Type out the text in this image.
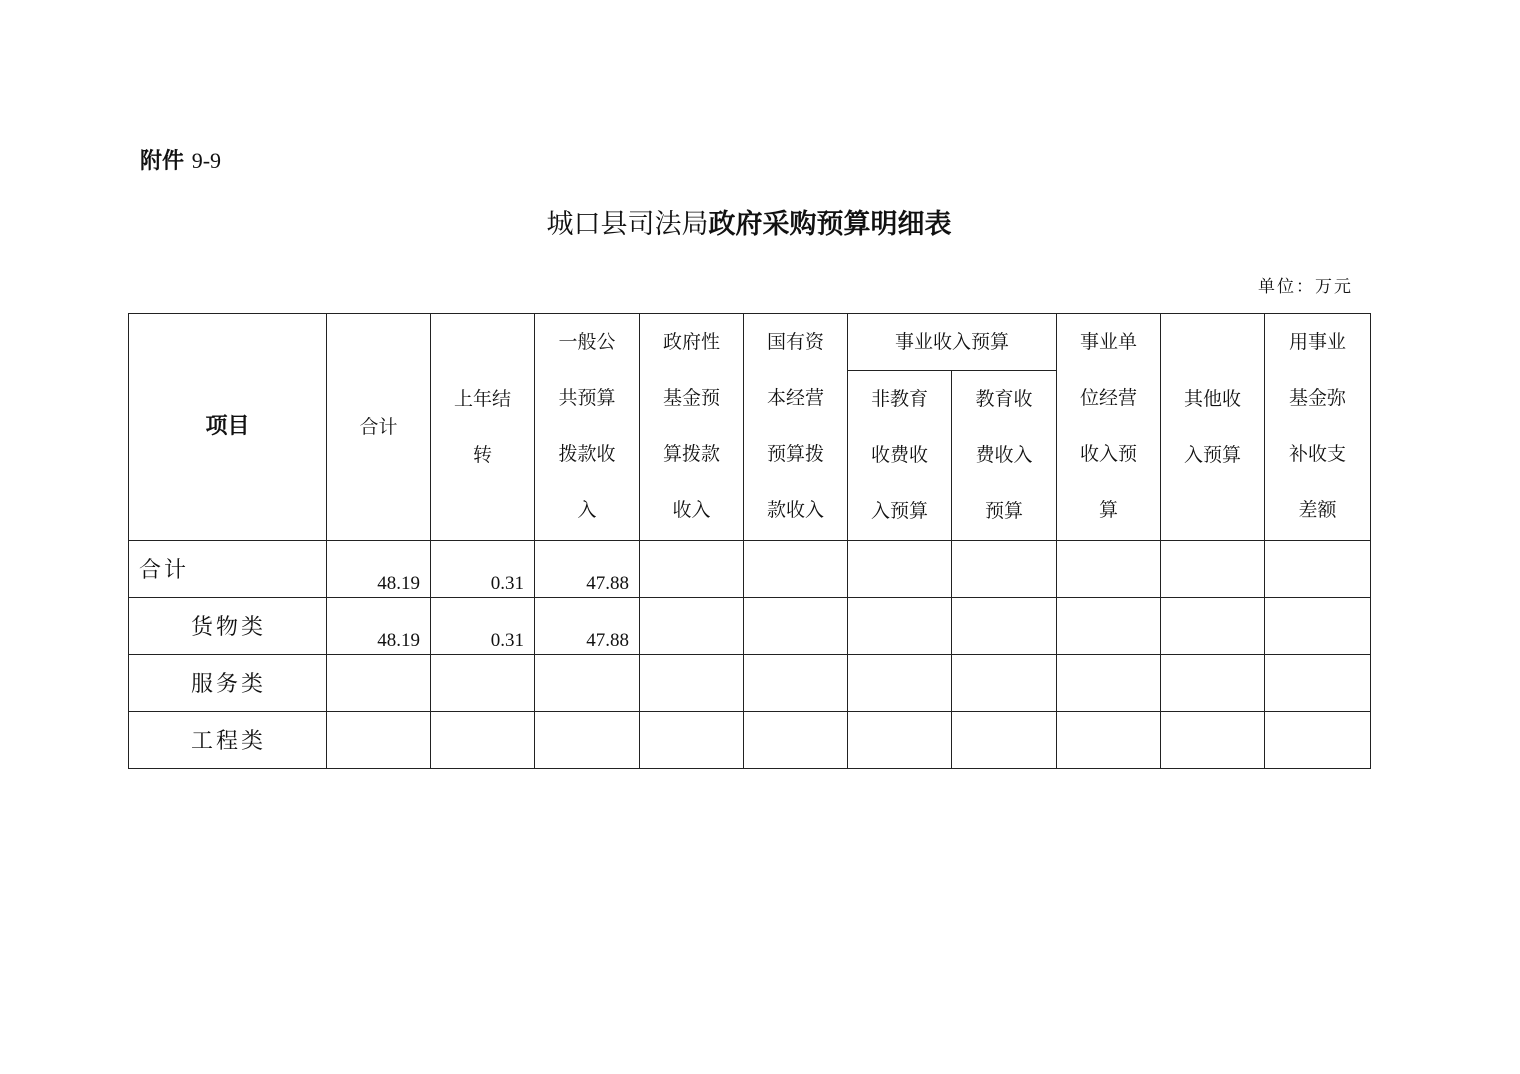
附件 9-9
城口县司法局政府采购预算明细表
单位：万元
项目	合计	上年结转	一般公共预算拨款收入	政府性基金预算拨款收入	国有资本经营预算拨款收入	事业收入预算		事业单位经营收入预算	其他收入预算	用事业基金弥补收支差额
						非教育收费收入预算	教育收费收入预算			
合计	48.19	0.31	47.88							
货物类	48.19	0.31	47.88							
服务类										
工程类										
